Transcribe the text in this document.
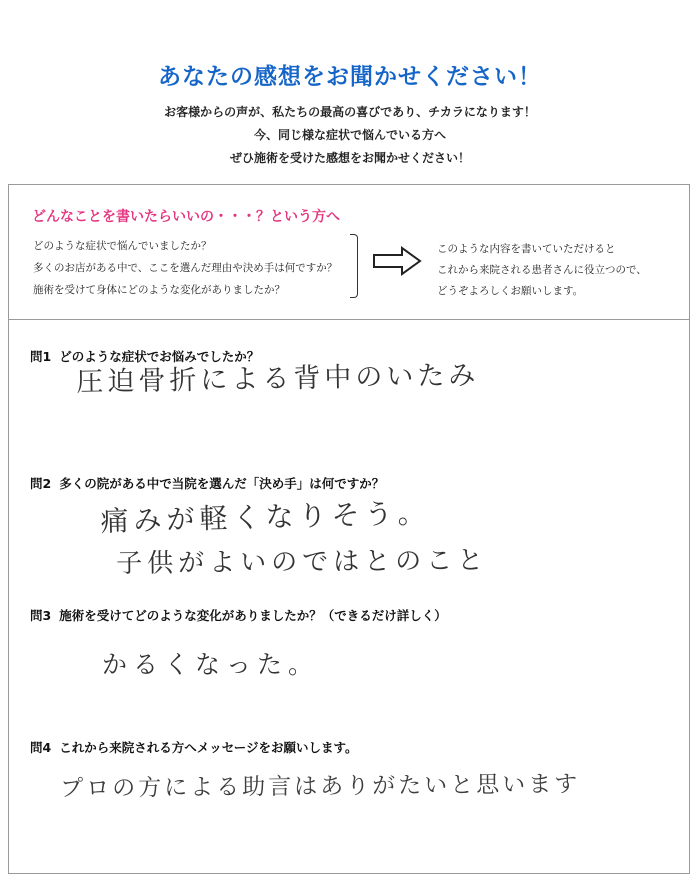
あなたの感想をお聞かせください！
お客様からの声が、私たちの最高の喜びであり、チカラになります！
今、同じ様な症状で悩んでいる方へ
ぜひ施術を受けた感想をお聞かせください！
どんなことを書いたらいいの・・・？という方へ
どのような症状で悩んでいましたか？
多くのお店がある中で、ここを選んだ理由や決め手は何ですか？
施術を受けて身体にどのような変化がありましたか？
このような内容を書いていただけると
これから来院される患者さんに役立つので、
どうぞよろしくお願いします。
問1 どのような症状でお悩みでしたか？
圧迫骨折による背中のいたみ
問2 多くの院がある中で当院を選んだ「決め手」は何ですか？
痛みが軽くなりそう。
子供がよいのではとのこと
問3 施術を受けてどのような変化がありましたか？（できるだけ詳しく）
かるくなった。
問4 これから来院される方へメッセージをお願いします。
プロの方による助言はありがたいと思います
